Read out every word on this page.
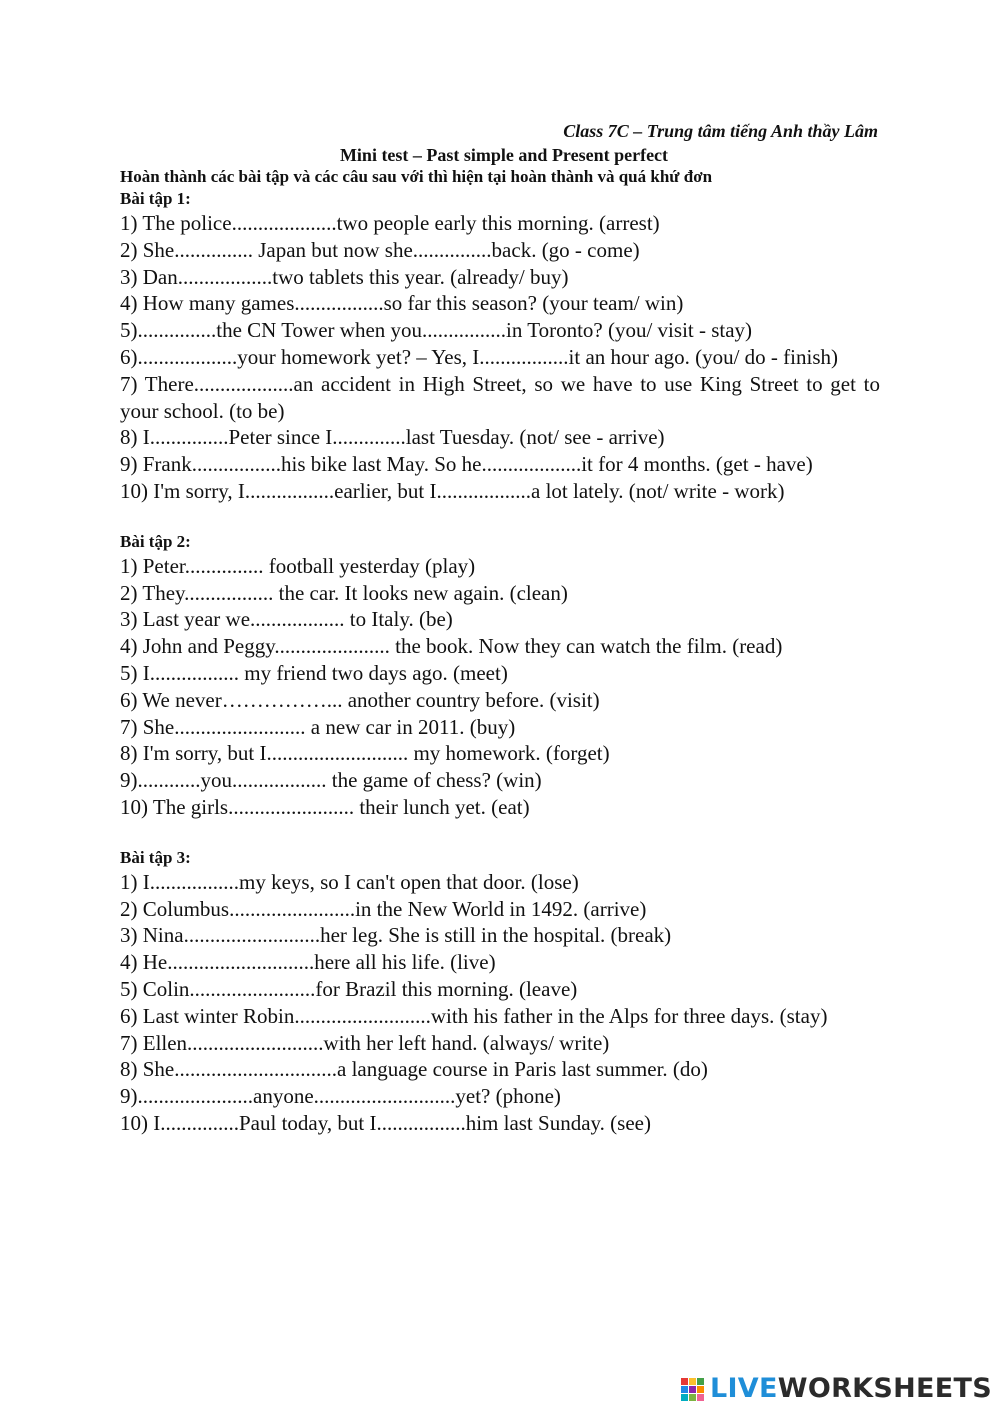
Class 7C – Trung tâm tiếng Anh thầy Lâm
Mini test – Past simple and Present perfect
Hoàn thành các bài tập và các câu sau với thì hiện tại hoàn thành và quá khứ đơn
Bài tập 1:
1) The police....................two people early this morning. (arrest)
2) She............... Japan but now she...............back. (go - come)
3) Dan..................two tablets this year. (already/ buy)
4) How many games.................so far this season? (your team/ win)
5)...............the CN Tower when you................in Toronto? (you/ visit - stay)
6)...................your homework yet? – Yes, I.................it an hour ago. (you/ do - finish)
7) There...................an accident in High Street, so we have to use King Street to get to your school. (to be)
8) I...............Peter since I..............last Tuesday. (not/ see - arrive)
9) Frank.................his bike last May. So he...................it for 4 months. (get - have)
10) I'm sorry, I.................earlier, but I..................a lot lately. (not/ write - work)
Bài tập 2:
1) Peter............... football yesterday (play)
2) They................. the car. It looks new again. (clean)
3) Last year we.................. to Italy. (be)
4) John and Peggy...................... the book. Now they can watch the film. (read)
5) I................. my friend two days ago. (meet)
6) We never……………... another country before. (visit)
7) She......................... a new car in 2011. (buy)
8) I'm sorry, but I........................... my homework. (forget)
9)............you.................. the game of chess? (win)
10) The girls........................ their lunch yet. (eat)
Bài tập 3:
1) I.................my keys, so I can't open that door. (lose)
2) Columbus........................in the New World in 1492. (arrive)
3) Nina..........................her leg. She is still in the hospital. (break)
4) He............................here all his life. (live)
5) Colin........................for Brazil this morning. (leave)
6) Last winter Robin..........................with his father in the Alps for three days. (stay)
7) Ellen..........................with her left hand. (always/ write)
8) She...............................a language course in Paris last summer. (do)
9)......................anyone...........................yet? (phone)
10) I...............Paul today, but I.................him last Sunday. (see)
LIVEWORKSHEETS
